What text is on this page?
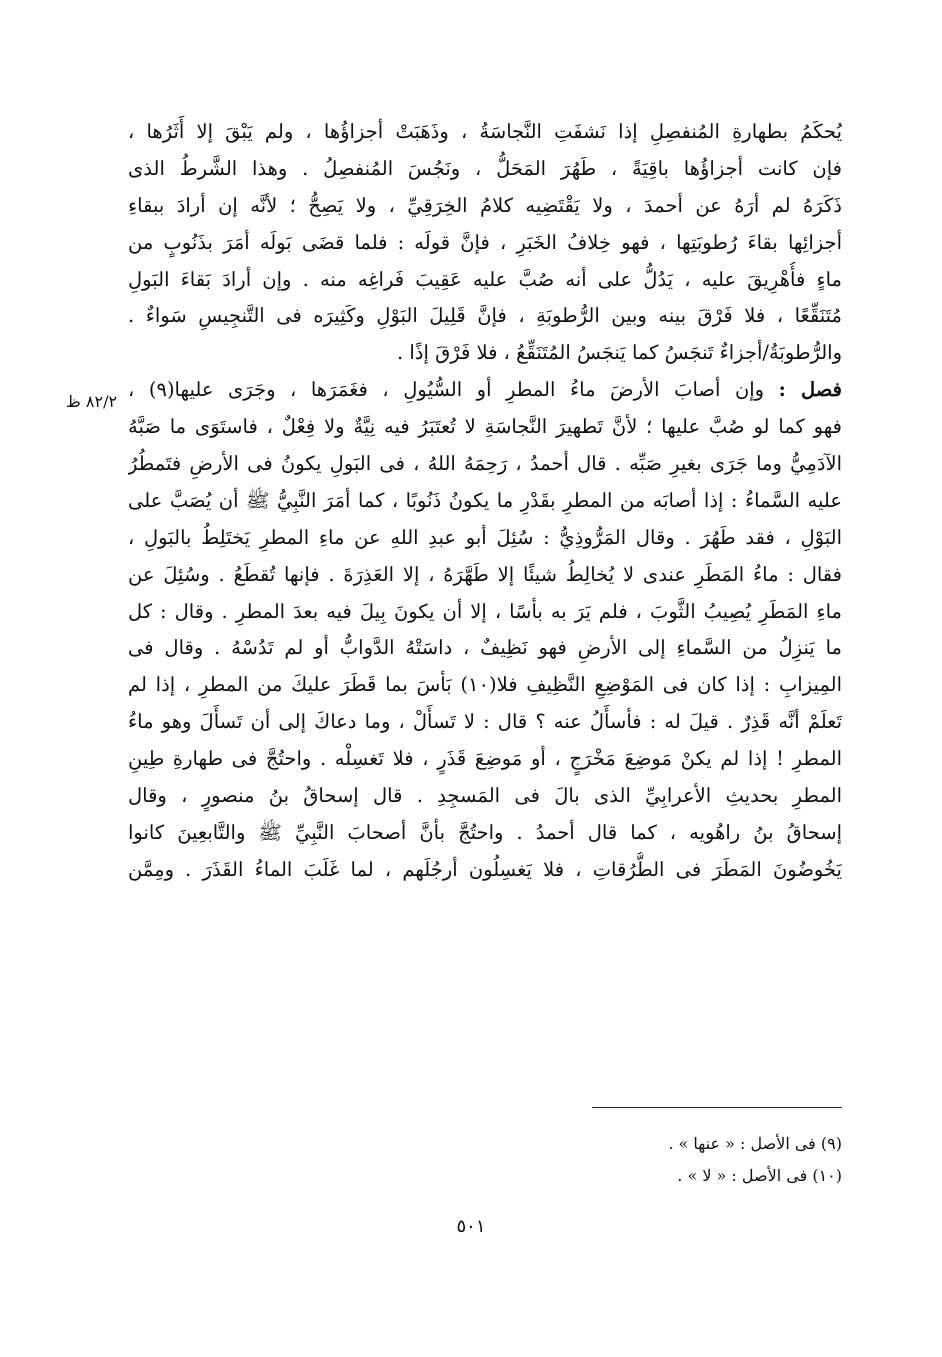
يُحكَمُ بطهارةِ المُنفصِلِ إذا نَشفَتِ النَّجاسَةُ ، وذَهَبَتْ أجزاؤُها ، ولم يَبْقَ إلا أَثَرُها ،
فإن كانت أجزاؤُها باقِيَةً ، طَهُرَ المَحَلُّ ، ونَجُسَ المُنفصِلُ . وهذا الشَّرطُ الذى
ذَكَرَهُ لم أرَهُ عن أحمدَ ، ولا يَقْتَضِيه كلامُ الخِرَقِيِّ ، ولا يَصِحُّ ؛ لأنَّه إن أرادَ ببقاءِ
أجزائِها بقاءَ رُطوبَتِها ، فهو خِلافُ الخَبَرِ ، فإنَّ قولَه : فلما قضَى بَولَه أمَرَ بذَنُوبٍ من
ماءٍ فأُهْرِيقَ عليه ، يَدُلُّ على أنه صُبَّ عليه عَقِيبَ فَراغِه منه . وإن أرادَ بَقاءَ البَولِ
مُتَنَقِّعًا ، فلا فَرْقَ بينه وبين الرُّطوبَةِ ، فإنَّ قَلِيلَ البَوْلِ وكَثِيرَه فى التَّنجِيسِ سَواءٌ .
والرُّطوبَةُ/أجزاءٌ تَنجَسُ كما يَنجَسُ المُتَنَقِّعُ ، فلا فَرْقَ إذًا .
فصل : وإن أصابَ الأرضَ ماءُ المطرِ أو السُّيُولِ ، فغَمَرَها ، وجَرَى عليها(٩) ،
فهو كما لو صُبَّ عليها ؛ لأنَّ تَطهيرَ النَّجاسَةِ لا تُعتَبَرُ فيه نِيَّةٌ ولا فِعْلٌ ، فاستَوَى ما صَبَّهُ
الآدَمِيُّ وما جَرَى بغيرِ صَبِّه . قال أحمدُ ، رَحِمَهُ اللهُ ، فى البَولِ يكونُ فى الأرضِ فتَمطُرُ
عليه السَّماءُ : إذا أصابَه من المطرِ بقَدْرِ ما يكونُ ذَنُوبًا ، كما أمَرَ النَّبِيُّ ﷺ أن يُصَبَّ على
البَوْلِ ، فقد طَهُرَ . وقال المَرُّوذِيُّ : سُئِلَ أبو عبدِ اللهِ عن ماءِ المطرِ يَختَلِطُ بالبَولِ ،
فقال : ماءُ المَطَرِ عندى لا يُخالِطُ شيئًا إلا طَهَّرَهُ ، إلا العَذِرَةَ . فإنها تُقطَعُ . وسُئِلَ عن
ماءِ المَطَرِ يُصِيبُ الثَّوبَ ، فلم يَرَ به بأسًا ، إلا أن يكونَ بِيلَ فيه بعدَ المطرِ . وقال : كل
ما يَنزِلُ من السَّماءِ إلى الأرضِ فهو نَظِيفٌ ، داسَتْهُ الدَّوابُّ أو لم تَدُسْهُ . وقال فى
المِيزابِ : إذا كان فى المَوْضِعِ النَّظِيفِ فلا(١٠) بَأسَ بما قَطَرَ عليكَ من المطرِ ، إذا لم
تَعلَمْ أنَّه قَذِرٌ . قيلَ له : فأسأَلُ عنه ؟ قال : لا تَسأَلْ ، وما دعاكَ إلى أن تَسأَلَ وهو ماءُ
المطرِ ! إذا لم يكنْ مَوضِعَ مَخْرَجٍ ، أو مَوضِعَ قَذَرٍ ، فلا تَغسِلْه . واحتُجَّ فى طهارةِ طِينِ
المطرِ بحديثِ الأعرابِيِّ الذى بالَ فى المَسجِدِ . قال إسحاقُ بنُ منصورٍ ، وقال
إسحاقُ بنُ راهُويه ، كما قال أحمدُ . واحتُجَّ بأنَّ أصحابَ النَّبِيِّ ﷺ والتَّابعِينَ كانوا
يَخُوضُونَ المَطَرَ فى الطُّرُقاتِ ، فلا يَغسِلُون أرجُلَهم ، لما غَلَبَ الماءُ القَذَرَ . ومِمَّن
٨٢/٢ ظ
(٩) فى الأصل : « عنها » .
(١٠) فى الأصل : « لا » .
٥٠١
